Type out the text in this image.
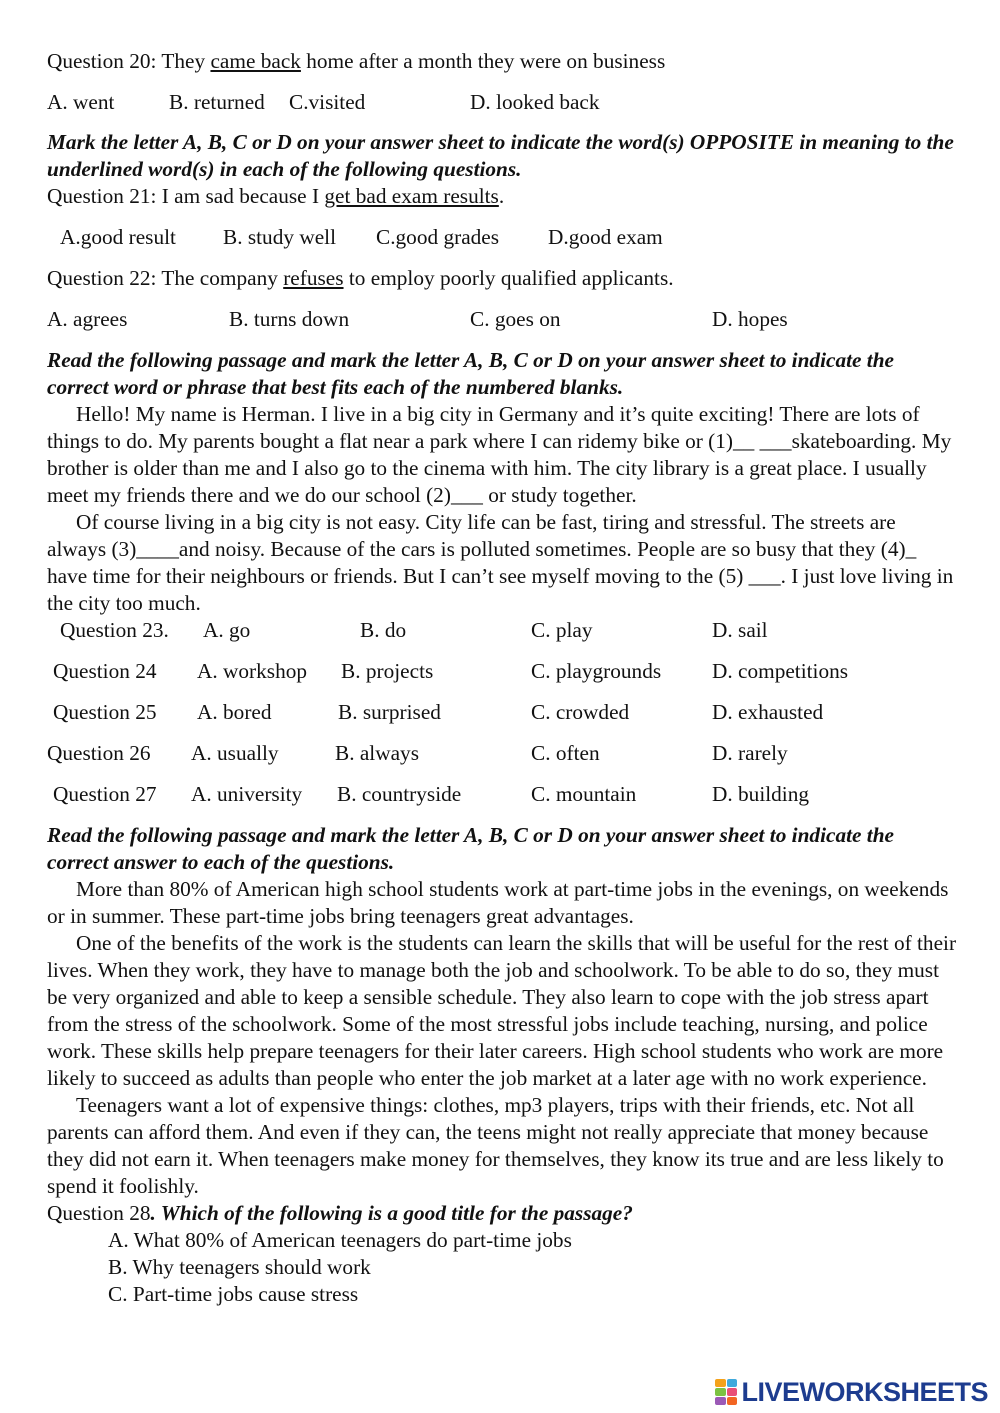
Question 20: They came back home after a month they were on business
A. went	B. returned C.visited	D. looked back
Mark the letter A, B, C or D on your answer sheet to indicate the word(s) OPPOSITE in meaning to the underlined word(s) in each of the following questions.
Question 21: I am sad because I get bad exam results.
A.good result B. study well C.good grades D.good exam
Question 22: The company refuses to employ poorly qualified applicants.
A. agrees	B. turns down	C. goes on	D. hopes
Read the following passage and mark the letter A, B, C or D on your answer sheet to indicate the correct word or phrase that best fits each of the numbered blanks.
Hello! My name is Herman. I live in a big city in Germany and it’s quite exciting! There are lots of things to do. My parents bought a flat near a park where I can ridemy bike or (1)__ ___skateboarding. My brother is older than me and I also go to the cinema with him. The city library is a great place. I usually meet my friends there and we do our school (2)___ or study together.
Of course living in a big city is not easy. City life can be fast, tiring and stressful. The streets are always (3)____and noisy. Because of the cars is polluted sometimes. People are so busy that they (4)_ have time for their neighbours or friends. But I can’t see myself moving to the (5) ___. I just love living in the city too much.
Question 23. A. go	B. do	C. play	D. sail
Question 24 A. workshop B. projects	C. playgrounds D. competitions
Question 25 A. bored	B. surprised	C. crowded	D. exhausted
Question 26 A. usually	B. always	C. often	D. rarely
Question 27 A. university B. countryside	C. mountain	D. building
Read the following passage and mark the letter A, B, C or D on your answer sheet to indicate the correct answer to each of the questions.
More than 80% of American high school students work at part-time jobs in the evenings, on weekends or in summer. These part-time jobs bring teenagers great advantages.
One of the benefits of the work is the students can learn the skills that will be useful for the rest of their lives. When they work, they have to manage both the job and schoolwork. To be able to do so, they must be very organized and able to keep a sensible schedule. They also learn to cope with the job stress apart from the stress of the schoolwork. Some of the most stressful jobs include teaching, nursing, and police work. These skills help prepare teenagers for their later careers. High school students who work are more likely to succeed as adults than people who enter the job market at a later age with no work experience.
Teenagers want a lot of expensive things: clothes, mp3 players, trips with their friends, etc. Not all parents can afford them. And even if they can, the teens might not really appreciate that money because they did not earn it. When teenagers make money for themselves, they know its true and are less likely to spend it foolishly.
Question 28. Which of the following is a good title for the passage?
A. What 80% of American teenagers do part-time jobs
B. Why teenagers should work
C. Part-time jobs cause stress
LIVEWORKSHEETS
